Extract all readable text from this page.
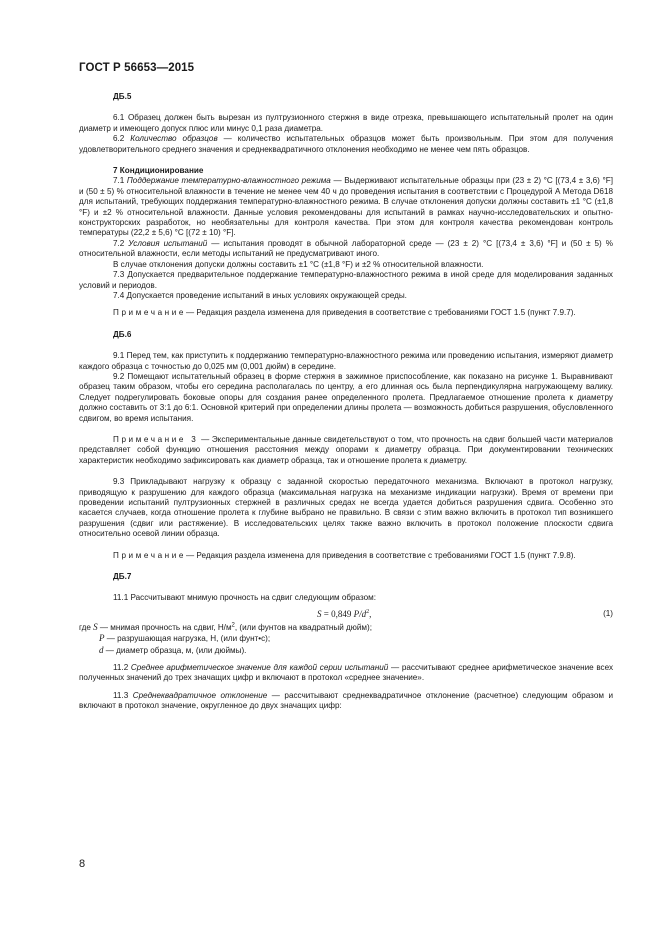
ГОСТ Р 56653—2015

ДБ.5

6.1 Образец должен быть вырезан из пултрузионного стержня в виде отрезка, превышающего испытательный пролет на один диаметр и имеющего допуск плюс или минус 0,1 раза диаметра.

6.2 Количество образцов — количество испытательных образцов может быть произвольным. При этом для получения удовлетворительного среднего значения и среднеквадратичного отклонения необходимо не менее чем пять образцов.

7 Кондиционирование

7.1 Поддержание температурно-влажностного режима — Выдерживают испытательные образцы при (23 ± 2) °С [(73,4 ± 3,6) °F] и (50 ± 5) % относительной влажности в течение не менее чем 40 ч до проведения испытания в соответствии с Процедурой А Метода D618 для испытаний, требующих поддержания температурно-влажностного режима. В случае отклонения допуски должны составить ±1 °С (±1,8 °F) и ±2 % относительной влажности. Данные условия рекомендованы для испытаний в рамках научно-исследовательских и опытно-конструкторских разработок, но необязательны для контроля качества. При этом для контроля качества рекомендован контроль температуры (22,2 ± 5,6) °С [(72 ± 10) °F].

7.2 Условия испытаний — испытания проводят в обычной лабораторной среде — (23 ± 2) °С [(73,4 ± 3,6) °F] и (50 ± 5) % относительной влажности, если методы испытаний не предусматривают иного.

В случае отклонения допуски должны составить ±1 °С (±1,8 °F) и ±2 % относительной влажности.

7.3 Допускается предварительное поддержание температурно-влажностного режима в иной среде для моделирования заданных условий и периодов.

7.4 Допускается проведение испытаний в иных условиях окружающей среды.

Примечание— Редакция раздела изменена для приведения в соответствие с требованиями ГОСТ 1.5 (пункт 7.9.7).

ДБ.6

9.1 Перед тем, как приступить к поддержанию температурно-влажностного режима или проведению испытания, измеряют диаметр каждого образца с точностью до 0,025 мм (0,001 дюйм) в середине.

9.2 Помещают испытательный образец в форме стержня в зажимное приспособление, как показано на рисунке 1. Выравнивают образец таким образом, чтобы его середина располагалась по центру, а его длинная ось была перпендикулярна нагружающему валику. Следует подрегулировать боковые опоры для создания ранее определенного пролета. Предлагаемое отношение пролета к диаметру должно составить от 3:1 до 6:1. Основной критерий при определении длины пролета — возможность добиться разрушения, обусловленного сдвигом, во время испытания.

Примечание 3 — Экспериментальные данные свидетельствуют о том, что прочность на сдвиг большей части материалов представляет собой функцию отношения расстояния между опорами к диаметру образца. При документировании технических характеристик необходимо зафиксировать как диаметр образца, так и отношение пролета к диаметру.

9.3 Прикладывают нагрузку к образцу с заданной скоростью передаточного механизма. Включают в протокол нагрузку, приводящую к разрушению для каждого образца (максимальная нагрузка на механизме индикации нагрузки). Время от времени при проведении испытаний пултрузионных стержней в различных средах не всегда удается добиться разрушения сдвига. Особенно это касается случаев, когда отношение пролета к глубине выбрано не правильно. В связи с этим важно включить в протокол тип возникшего разрушения (сдвиг или растяжение). В исследовательских целях также важно включить в протокол положение плоскости сдвига относительно осевой линии образца.

Примечание— Редакция раздела изменена для приведения в соответствие с требованиями ГОСТ 1.5 (пункт 7.9.8).

ДБ.7

11.1 Рассчитывают мнимую прочность на сдвиг следующим образом:

S = 0,849 $P/d^2$,	(1)

где S — мнимая прочность на сдвиг, $Н/м^2$, (или фунтов на квадратный дюйм);

P — разрушающая нагрузка, Н, (или фунт•с);

d — диаметр образца, м, (или дюймы).

11.2 Среднее арифметическое значение для каждой серии испытаний — рассчитывают среднее арифметическое значение всех полученных значений до трех значащих цифр и включают в протокол «среднее значение».

11.3 Среднеквадратичное отклонение — рассчитывают среднеквадратичное отклонение (расчетное) следующим образом и включают в протокол значение, округленное до двух значащих цифр:

8
